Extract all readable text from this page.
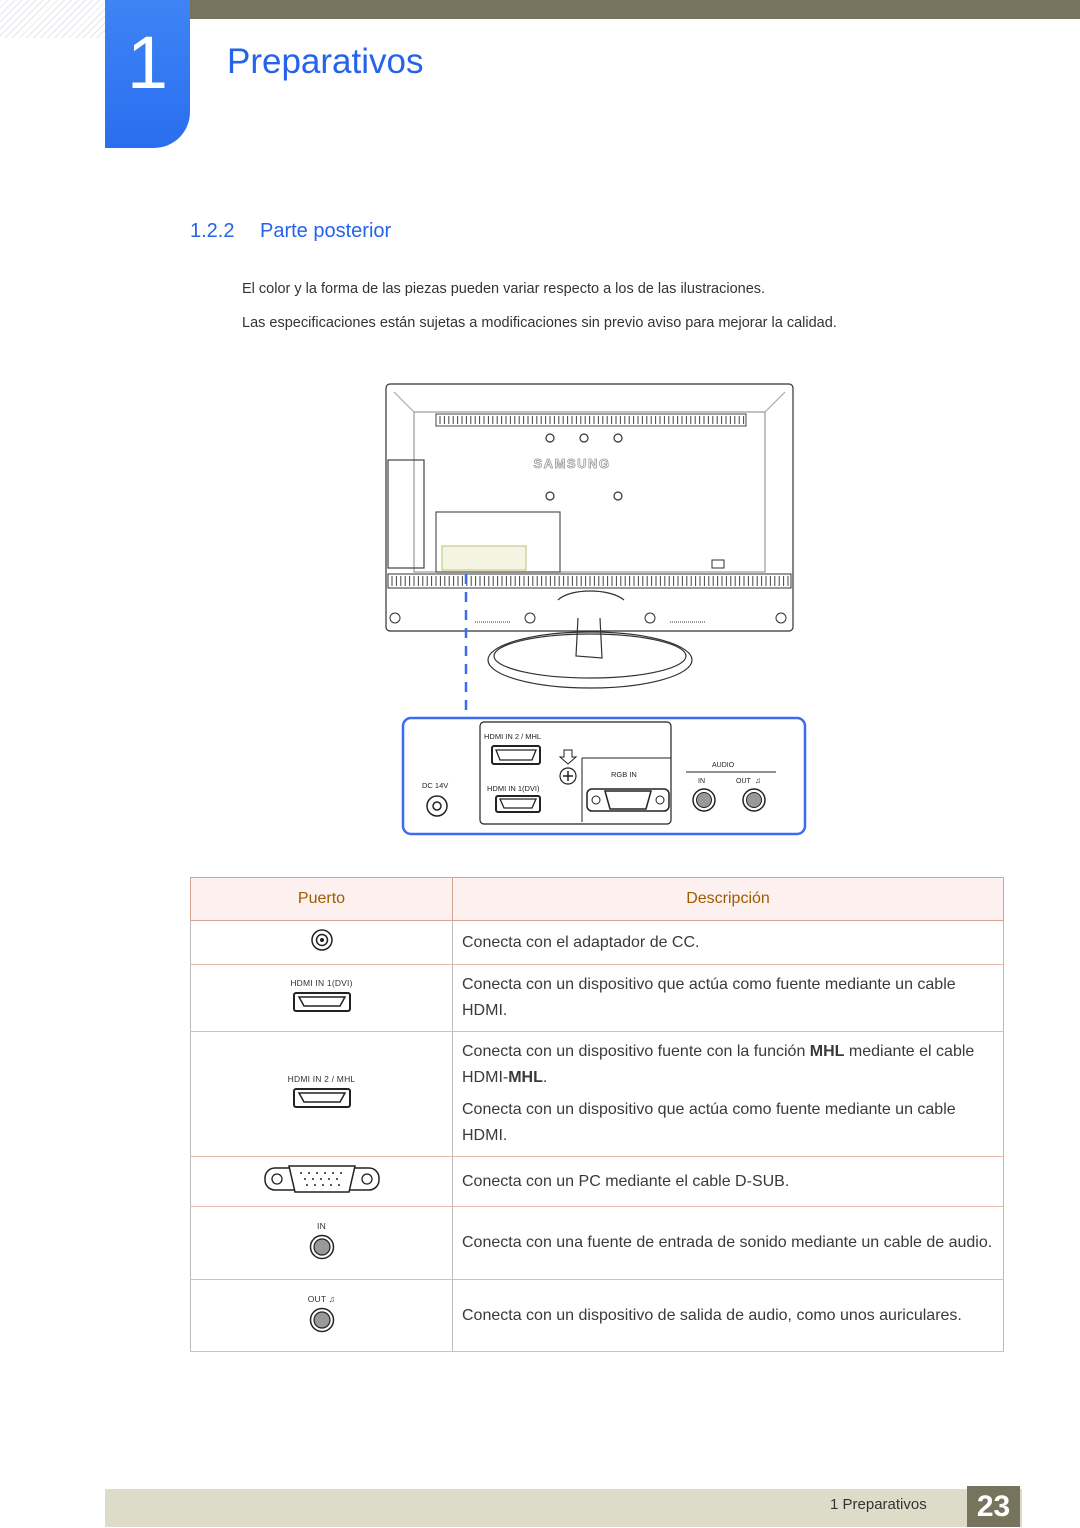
1	Preparativos
1.2.2 Parte posterior

El color y la forma de las piezas pueden variar respecto a los de las ilustraciones.

Las especificaciones están sujetas a modificaciones sin previo aviso para mejorar la calidad.

SAMSUNG
HDMI IN 2 / MHL
HDMI IN 1(DVI)
RGB IN
DC 14V
AUDIO
IN	OUT ♫
Puerto	Descripción

Conecta con el adaptador de CC.

HDMI IN 1(DVI)	Conecta con un dispositivo que actúa como fuente mediante un cable HDMI.

HDMI IN 2 / MHL	Conecta con un dispositivo fuente con la función MHL mediante el cable HDMI-MHL.

Conecta con un dispositivo que actúa como fuente mediante un cable HDMI.

Conecta con un PC mediante el cable D-SUB.

IN	Conecta con una fuente de entrada de sonido mediante un cable de audio.

OUT ♫	Conecta con un dispositivo de salida de audio, como unos auriculares.

1 Preparativos	23
